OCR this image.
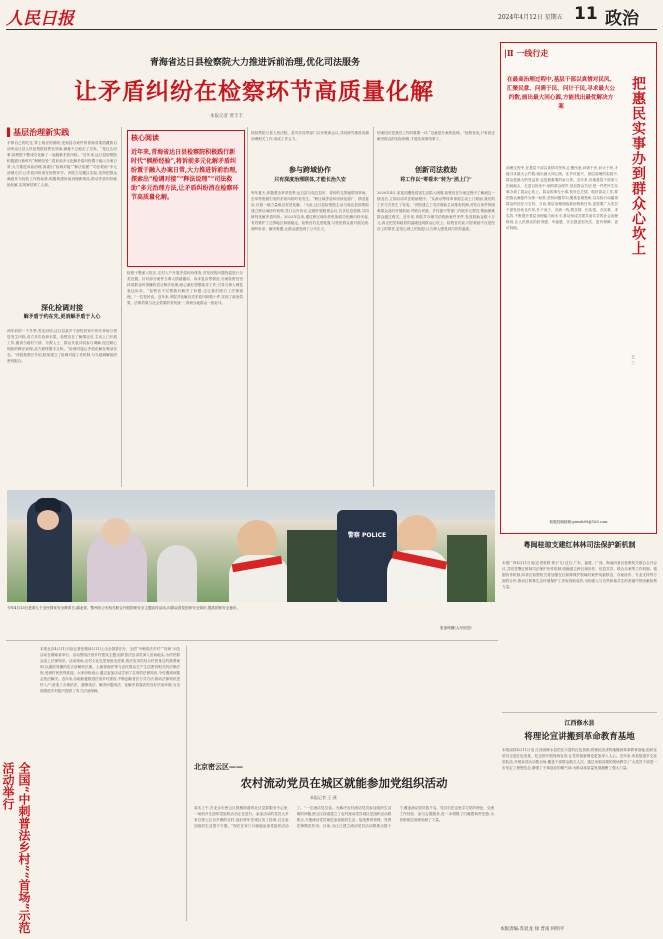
人民日报	2024年4月12日 星期五 11 政治
青海省达日县检察院大力推进诉前治理,优化司法服务
让矛盾纠纷在检察环节高质量化解
本报记者 贾丰丰
▌基层治理新实践
手捧自己的吃住,带上相应的旗帜,受到县办案件的青海省果洛藏族自治州达日县人民检察院检察官刘涛,满意不已地走了过来。“是这么回事,检察院干警成功化解了一起疑难矛盾纠纷。”近年来,达日县检察院积极践行新时代“枫桥经验”,将诉前多元化解矛盾纠纷置于融入办案日常,大力推进诉前治理,探索出“检调对接”“释法说理”“司法救助”多元治理方法,让矛盾纠纷消在检察环节。该院立足藏区实际,坚持把群众满意作为检验工作的标准,积极构建诉前治理新格局,推动矛盾纠纷就地化解,实现案结事了人和。
深化检调对接
解矛盾于约在先,更消解矛盾于人心
两年前的一个冬季,雪花纷纷,达日县某乡干部牧民家中的冬草场与邻居发生纠纷,双方多次协商未果。检察官在了解情况后,主动上门开展工作,邀请当地村干部、宗教人士、群众代表共同参与调解,经过耐心细致的释法说理,双方最终握手言和。“检调对接让矛盾化解在萌芽状态。”该院检察长介绍,院里建立了检调对接工作机制,与当地调解组织密切配合。
核心阅读
近年来,青海省达日县检察院积极践行新时代“枫桥经验”,将诉前多元化解矛盾纠纷置于融入办案日常,大力推进诉前治理,探索出“检调对接”“释法说理”“司法救助”多元治理方法,让矛盾纠纷消在检察环节高质量化解。
检察干警深入牧区,走村入户开展矛盾纠纷排查,对发现的问题线索进行分类处置。针对部分案件当事人情绪激动、诉求复杂等情况,办案检察官坚持用群众听得懂的语言释法说理,耐心做好思想疏导工作,引导当事人理性表达诉求。“检察官不仅帮我们解决了问题,还让我们明白了法律道理。”一位牧民说。近年来,该院共化解各类矛盾纠纷数十件,实现了政治效果、法律效果与社会效果的有机统一,得到当地群众一致好评。
抓检察院与县人民法院、县司法局等部门召开联席会议,共同研究推进诉源治理相关工作,形成工作合力。
参与跨域协作
只有深度治理联体,才能长治久安
每年夏天,伴随着虫草采挖季,达日县与周边县市、省份的交界地带因草场、虫草等资源引发的矛盾纠纷时有发生。“跨区域矛盾纠纷涉及面广、情况复杂,仅靠一地力量难以有效化解。”为此,达日县检察院主动与周边县检察院建立跨区域协作机制,签订合作协议,定期开展联席会议,共享信息资源,共同研判化解矛盾纠纷。2022年以来,通过跨区域协作机制成功化解纠纷多起,有效维护了边界地区和谐稳定。检察官们走进帐篷,与牧民群众面对面交流,倾听诉求、解决难题,让群众感受到了公平正义。
结案回访是我们工作的重要一环,“这就是办案的延伸。”检察官说,只有真正解决群众的实际困难,才能实现案结事了。
创新司法救助
将工作以“零看未”转为“消上门”
2020年4月,某某因遭受侵害生活陷入困境,检察官在办案过程中了解到这一情况后,立即启动司法救助程序。“从被动等待申请到主动上门救助,我们的工作方式发生了转变。”该院建立了司法救助主动排查机制,对符合条件的困难群众及时开展救助,并联合民政、乡村振兴等部门开展多元帮扶,帮助困难群众渡过难关。近年来,该院共办理司法救助案件多件,发放救助金数十万元,真正把党和政府的温暖送到群众心坎上。检察官们说,司法救助不仅是经济上的帮扶,更是心理上的抚慰,让当事人感受到司法的温度。
警察 POLICE
今年4月13日是第九个全民国家安全教育日,湖北省、鄂州市公安机关联合开展国家安全主题宣传活动,向群众普及国家安全知识,提高国家安全意识。
张加坤摄(人民视觉)
|Ⅱ 一线行走
在最高治理过程中,基层干部以真情对民风、汇聚民意、问需于民、问计于民,寻求最大公约数,画出最大同心圆,方能找出最优解决方案	把惠民实事办到群众心坎上
王 三
治理过程中,在基层干部以真情对民风,汇聚民意,问需于民,问计于民,才能寻求最大公约数,画出最大同心圆。在乡村振兴、基层治理的实践中,群众是最大的受益者,也是最重要的参与者。近年来,各地基层干部深入田间地头、走进百姓家中,倾听群众呼声,回应群众关切,把一件件民生实事办到了群众心坎上。群众的事无小事,枝叶总关情。做好群众工作,要把群众满意作为第一标准,坚持问题导向,聚焦急难愁盼,以实际行动赢得群众的信任与支持。当前,基层治理面临新形势新任务,更需要广大党员干部发扬优良作风,扑下身子、沉到一线,察实情、出实招、办实事、求实效,不断提升基层治理能力和水平,推动形成共建共治共享的社会治理格局,让人民群众的获得感、幸福感、安全感更加充实、更有保障、更可持续。
积极投稿邮箱:yzmsh99@163.com
粤闽桂琼支建红林林司法保护新机制
本报广州4月11日电(记者张胖 郭小飞) 近日,广东、福建、广西、海南四省区检察机关联合召开会议,共同签署红树林司法保护协作机制,明确建立跨区域协作、信息共享、联合办案等工作机制。根据协作机制,四省区检察机关将加强在红树林保护领域的案件线索移送、办案协作、专业支持等方面的合作,推动红树林生态环境保护工作取得新成效,为构建人与自然和谐共生的美丽中国贡献检察力量。
江西修水县
将理论宣讲搬到革命教育基地
本报南昌4月11日电 江西省修水县依托丰富的红色资源,将理论宣讲阵地搬到革命教育基地,组织宣讲员走进红色旧址、纪念馆开展现场宣讲,让党的创新理论更加深入人心。近年来,该县组建多支宣讲队伍,开展宣讲活动数百场,覆盖干部群众数万人次。通过身临其境的现场教学,广大党员干部进一步坚定了理想信念,增强了干事创业的精气神,为推动高质量发展凝聚了强大力量。
全国“中刺普法乡村”“首场”示范活动举行
本报北京4月11日电(记者张璁)4月11日,由全国普法办、全国“中刺普法乡村”“首场”示范活动在湖南省举行。活动围绕法治乡村建设主题,组织普法宣讲员深入田间地头,为村民群众送上法律知识。活动现场,农村文化礼堂里座无虚席,普法宣讲员结合村民身边的典型案例,以通俗易懂的语言讲解民法典、土地管理法等与农民群众生产生活密切相关的法律法规,受到村民热烈欢迎。大家纷纷表示,通过参加活动学到了实用的法律知识,今后遇到问题会依法解决。近年来,各地积极推进法治乡村建设,不断创新普法方式方法,推动法律知识进村入户,营造了办事依法、遇事找法、解决问题用法、化解矛盾靠法的良好法治环境,为全面推进乡村振兴提供了有力法治保障。
北京密云区——
农村流动党员在城区就能参加党组织活动
本报记者 王 洲
周末上午,在北京市密云区鼓楼街道的社区党群服务中心里,一场别开生面的党组织活动正在进行。参加活动的党员大多来自密云区各乡镇的农村,他们常年在城区务工经商,过去参加组织生活很不方便。“现在在家门口就能参加党组织活动了。”一位流动党员说。为解决农村流动党员参加组织生活难的问题,密云区探索建立了农村流动党员城区党组织活动联系点,方便流动党员就近参加组织生活、接受教育管理、发挥先锋模范作用。目前,全区已建立流动党员活动联系点数十个,覆盖流动党员数千名。党员们在这里学习党的理论、交流工作经验、参与志愿服务,进一步增强了归属感和责任感,为首都基层治理贡献了力量。
本版责编:苏显龙 徐 晋南 何明平
